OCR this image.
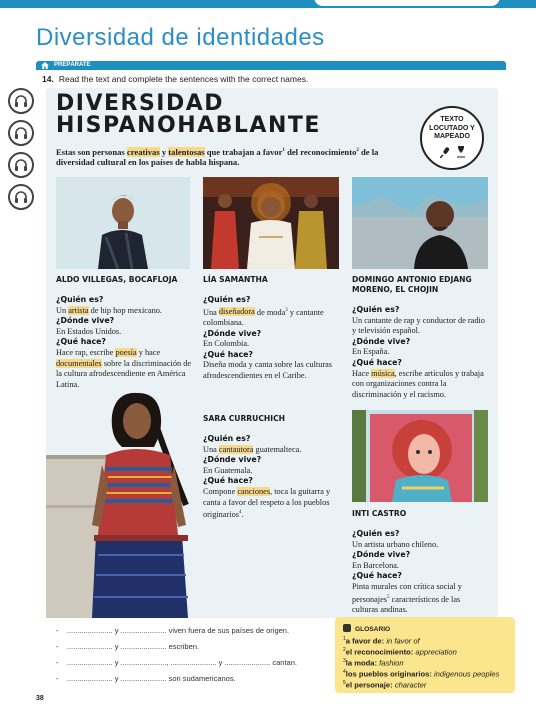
Diversidad de identidades
PREPÁRATE
14. Read the text and complete the sentences with the correct names.
DIVERSIDAD
HISPANOHABLANTE	TEXTO
LOCUTADO Y
MAPEADO
Estas son personas creativas y talentosas que trabajan a favor$^1$ del reconocimiento$^2$ de la diversidad cultural en los países de habla hispana.
ALDO VILLEGAS, BOCAFLOJA
¿Quién es?
Un artista de hip hop mexicano.
¿Dónde vive?
En Estados Unidos.
¿Qué hace?
Hace rap, escribe poesía y hace documentales sobre la discriminación de la cultura afrodescendiente en América Latina.
LÍA SAMANTHA
¿Quién es?
Una diseñadora de moda$^3$ y cantante colombiana.
¿Dónde vive?
En Colombia.
¿Qué hace?
Diseña moda y canta sobre las culturas afrodescendientes en el Caribe.
DOMINGO ANTONIO EDJANG
MORENO, EL CHOJIN
¿Quién es?
Un cantante de rap y conductor de radio y televisión español.
¿Dónde vive?
En España.
¿Qué hace?
Hace música, escribe artículos y trabaja con organizaciones contra la discriminación y el racismo.
SARA CURRUCHICH
¿Quién es?
Una cantautora guatemalteca.
¿Dónde vive?
En Guatemala.
¿Qué hace?
Compone canciones, toca la guitarra y canta a favor del respeto a los pueblos originarios$^4$.	INTI CASTRO
¿Quién es?
Un artista urbano chileno.
¿Dónde vive?
En Barcelona.
¿Qué hace?
Pinta murales con crítica social y personajes$^5$ característicos de las culturas andinas.
- ...................... y ...................... viven fuera de sus países de origen.
- ...................... y ...................... escriben.
- ...................... y ......................, ...................... y ...................... cantan.
- ...................... y ...................... son sudamericanos.
GLOSARIO
$^1$a favor de: in favor of
$^2$el reconocimiento: appreciation
$^3$la moda: fashion
$^4$los pueblos originarios: indigenous peoples
$^5$el personaje: character
38
